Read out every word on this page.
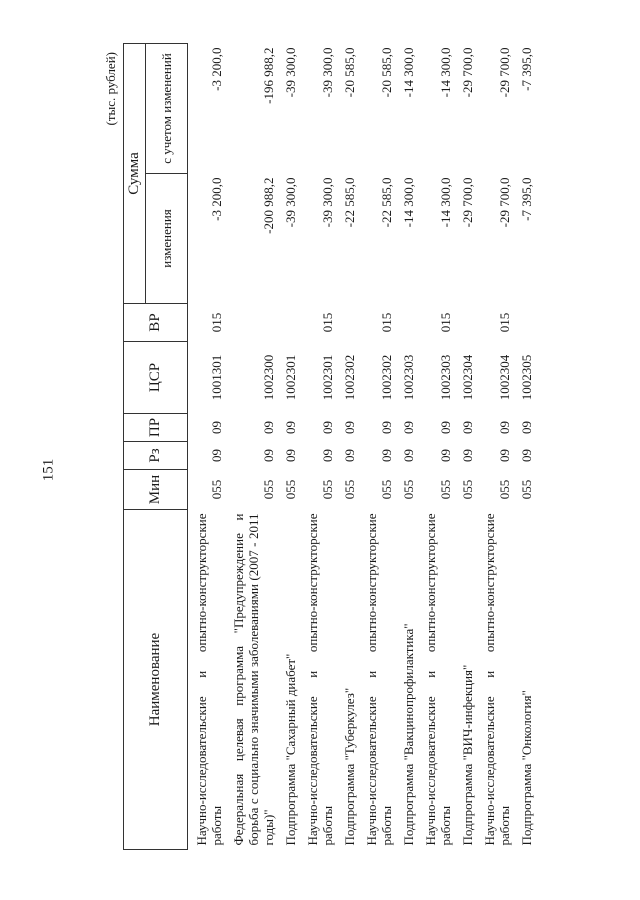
151
(тыс. рублей)
Наименование	Мин	Рз	ПР	ЦСР	ВР	Сумма	
						изменения	с учетом изменений
Научно-исследовательские и опытно-конструкторские работы	055	09	09	1001301	015	-3 200,0	-3 200,0
Федеральная целевая программа "Предупреждение и борьба с социально значимыми заболеваниями (2007 - 2011 годы)"	055	09	09	1002300		-200 988,2	-196 988,2
Подпрограмма "Сахарный диабет"	055	09	09	1002301		-39 300,0	-39 300,0
Научно-исследовательские и опытно-конструкторские работы	055	09	09	1002301	015	-39 300,0	-39 300,0
Подпрограмма "Туберкулез"	055	09	09	1002302		-22 585,0	-20 585,0
Научно-исследовательские и опытно-конструкторские работы	055	09	09	1002302	015	-22 585,0	-20 585,0
Подпрограмма "Вакцинопрофилактика"	055	09	09	1002303		-14 300,0	-14 300,0
Научно-исследовательские и опытно-конструкторские работы	055	09	09	1002303	015	-14 300,0	-14 300,0
Подпрограмма "ВИЧ-инфекция"	055	09	09	1002304		-29 700,0	-29 700,0
Научно-исследовательские и опытно-конструкторские работы	055	09	09	1002304	015	-29 700,0	-29 700,0
Подпрограмма "Онкология"	055	09	09	1002305		-7 395,0	-7 395,0
